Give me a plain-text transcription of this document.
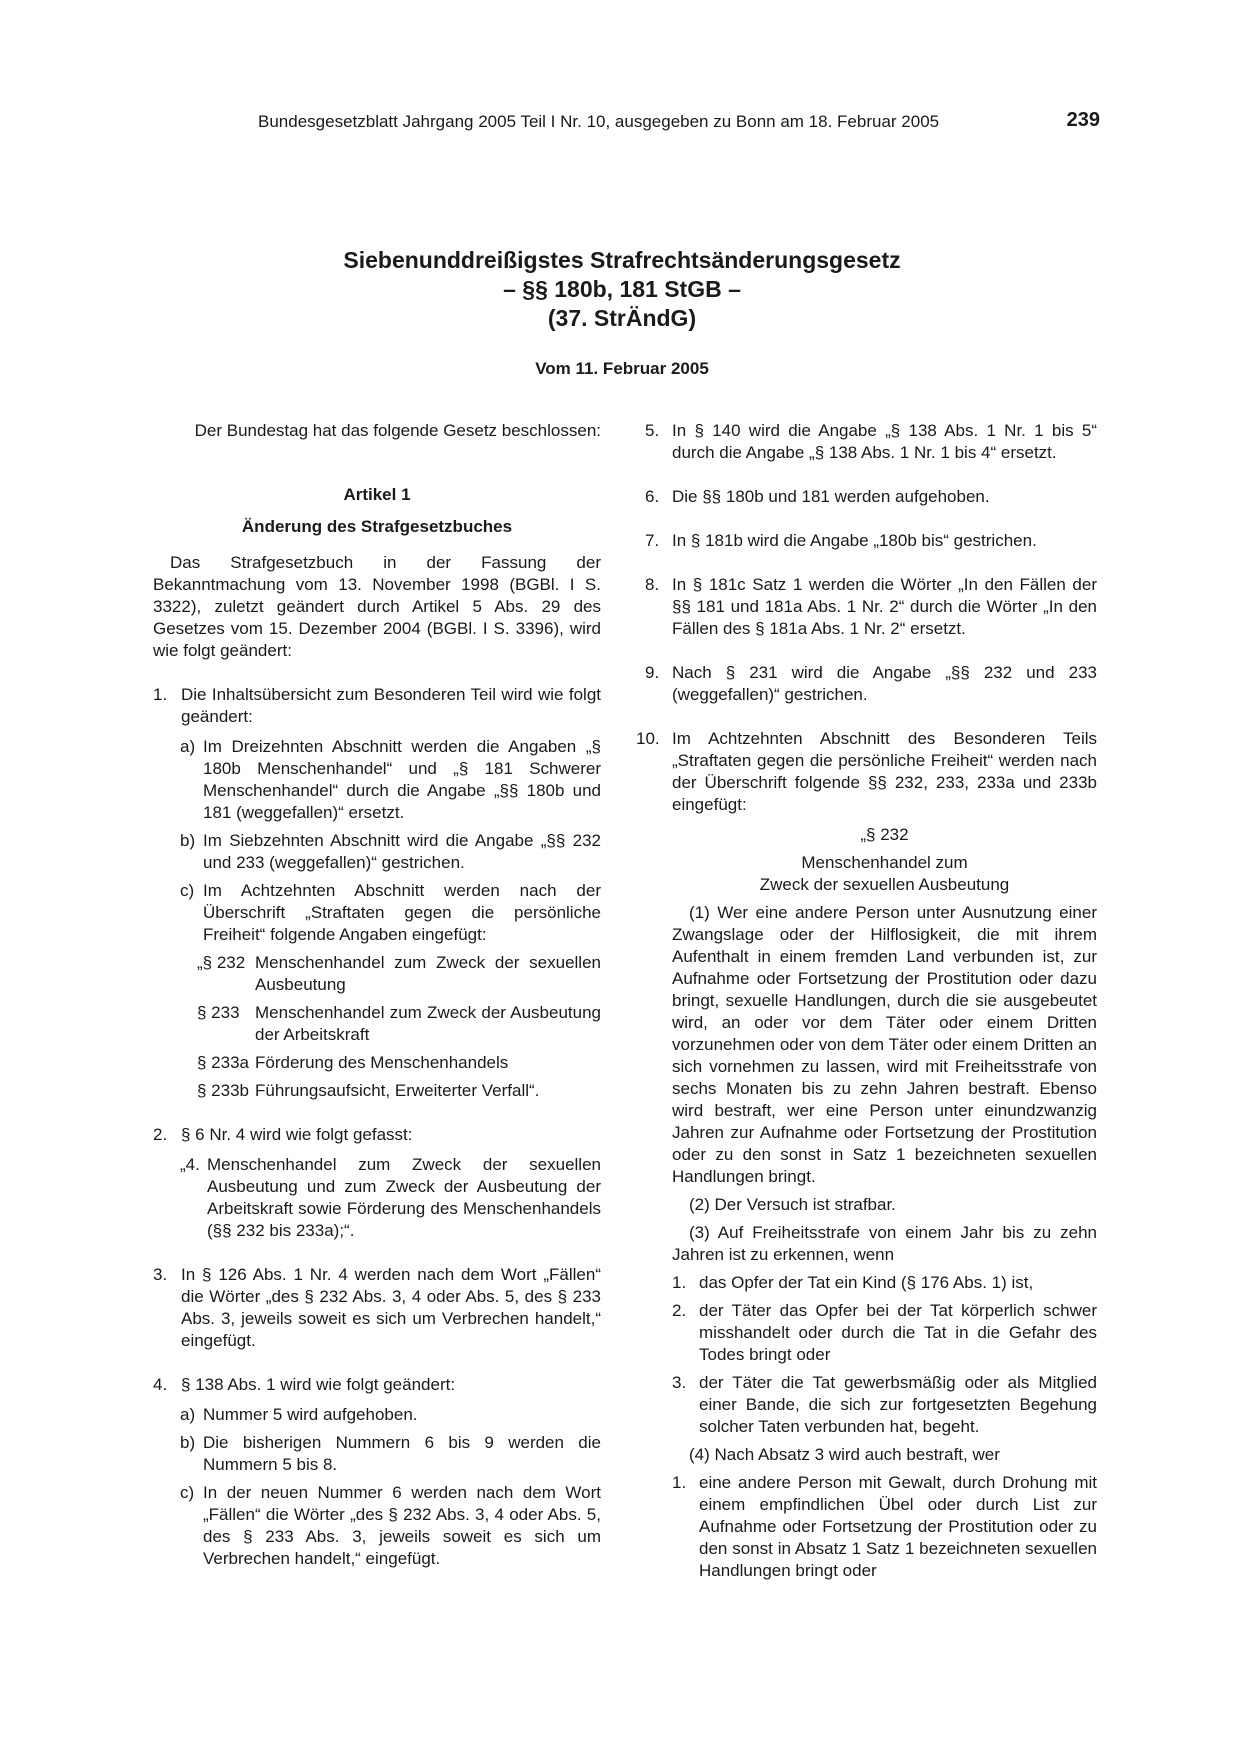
Bundesgesetzblatt Jahrgang 2005 Teil I Nr. 10, ausgegeben zu Bonn am 18. Februar 2005	239
Siebenunddreißigstes Strafrechtsänderungsgesetz
– §§ 180b, 181 StGB –
(37. StrÄndG)
Vom 11. Februar 2005

Der Bundestag hat das folgende Gesetz beschlossen:

Artikel 1

Änderung des Strafgesetzbuches

Das Strafgesetzbuch in der Fassung der Bekanntmachung vom 13. November 1998 (BGBl. I S. 3322), zuletzt geändert durch Artikel 5 Abs. 29 des Gesetzes vom 15. Dezember 2004 (BGBl. I S. 3396), wird wie folgt geändert:

1. Die Inhaltsübersicht zum Besonderen Teil wird wie folgt geändert:

a) Im Dreizehnten Abschnitt werden die Angaben „§ 180b Menschenhandel“ und „§ 181 Schwerer Menschenhandel“ durch die Angabe „§§ 180b und 181 (weggefallen)“ ersetzt.

b) Im Siebzehnten Abschnitt wird die Angabe „§§ 232 und 233 (weggefallen)“ gestrichen.

c) Im Achtzehnten Abschnitt werden nach der Überschrift „Straftaten gegen die persönliche Freiheit“ folgende Angaben eingefügt:

„§ 232 Menschenhandel zum Zweck der sexuellen Ausbeutung

§ 233 Menschenhandel zum Zweck der Ausbeutung der Arbeitskraft

§ 233a Förderung des Menschenhandels

§ 233b Führungsaufsicht, Erweiterter Verfall“.

2. § 6 Nr. 4 wird wie folgt gefasst:

„4. Menschenhandel zum Zweck der sexuellen Ausbeutung und zum Zweck der Ausbeutung der Arbeitskraft sowie Förderung des Menschenhandels (§§ 232 bis 233a);“.

3. In § 126 Abs. 1 Nr. 4 werden nach dem Wort „Fällen“ die Wörter „des § 232 Abs. 3, 4 oder Abs. 5, des § 233 Abs. 3, jeweils soweit es sich um Verbrechen handelt,“ eingefügt.

4. § 138 Abs. 1 wird wie folgt geändert:

a) Nummer 5 wird aufgehoben.

b) Die bisherigen Nummern 6 bis 9 werden die Nummern 5 bis 8.

c) In der neuen Nummer 6 werden nach dem Wort „Fällen“ die Wörter „des § 232 Abs. 3, 4 oder Abs. 5, des § 233 Abs. 3, jeweils soweit es sich um Verbrechen handelt,“ eingefügt.

5. In § 140 wird die Angabe „§ 138 Abs. 1 Nr. 1 bis 5“ durch die Angabe „§ 138 Abs. 1 Nr. 1 bis 4“ ersetzt.

6. Die §§ 180b und 181 werden aufgehoben.

7. In § 181b wird die Angabe „180b bis“ gestrichen.

8. In § 181c Satz 1 werden die Wörter „In den Fällen der §§ 181 und 181a Abs. 1 Nr. 2“ durch die Wörter „In den Fällen des § 181a Abs. 1 Nr. 2“ ersetzt.

9. Nach § 231 wird die Angabe „§§ 232 und 233 (weggefallen)“ gestrichen.

10. Im Achtzehnten Abschnitt des Besonderen Teils „Straftaten gegen die persönliche Freiheit“ werden nach der Überschrift folgende §§ 232, 233, 233a und 233b eingefügt:

„§ 232

Menschenhandel zum

Zweck der sexuellen Ausbeutung

(1) Wer eine andere Person unter Ausnutzung einer Zwangslage oder der Hilflosigkeit, die mit ihrem Aufenthalt in einem fremden Land verbunden ist, zur Aufnahme oder Fortsetzung der Prostitution oder dazu bringt, sexuelle Handlungen, durch die sie ausgebeutet wird, an oder vor dem Täter oder einem Dritten vorzunehmen oder von dem Täter oder einem Dritten an sich vornehmen zu lassen, wird mit Freiheitsstrafe von sechs Monaten bis zu zehn Jahren bestraft. Ebenso wird bestraft, wer eine Person unter einundzwanzig Jahren zur Aufnahme oder Fortsetzung der Prostitution oder zu den sonst in Satz 1 bezeichneten sexuellen Handlungen bringt.

(2) Der Versuch ist strafbar.

(3) Auf Freiheitsstrafe von einem Jahr bis zu zehn Jahren ist zu erkennen, wenn

1. das Opfer der Tat ein Kind (§ 176 Abs. 1) ist,

2. der Täter das Opfer bei der Tat körperlich schwer misshandelt oder durch die Tat in die Gefahr des Todes bringt oder

3. der Täter die Tat gewerbsmäßig oder als Mitglied einer Bande, die sich zur fortgesetzten Begehung solcher Taten verbunden hat, begeht.

(4) Nach Absatz 3 wird auch bestraft, wer

1. eine andere Person mit Gewalt, durch Drohung mit einem empfindlichen Übel oder durch List zur Aufnahme oder Fortsetzung der Prostitution oder zu den sonst in Absatz 1 Satz 1 bezeichneten sexuellen Handlungen bringt oder
